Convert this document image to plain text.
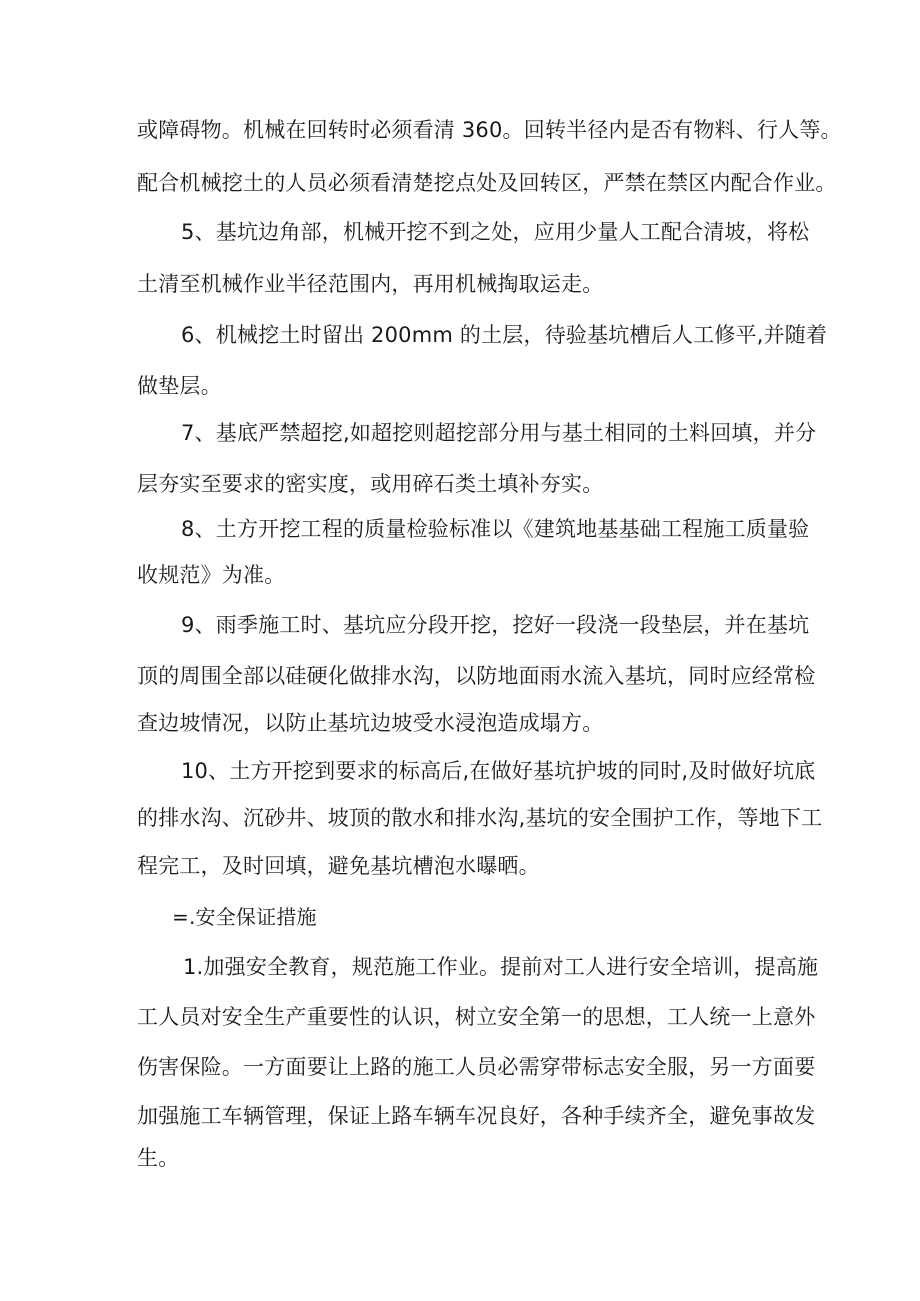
或障碍物。机械在回转时必须看清 360。回转半径内是否有物料、行人等。
配合机械挖土的人员必须看清楚挖点处及回转区，严禁在禁区内配合作业。
5、基坑边角部，机械开挖不到之处，应用少量人工配合清坡，将松
土清至机械作业半径范围内，再用机械掏取运走。
6、机械挖土时留出 200mm 的土层，待验基坑槽后人工修平,并随着
做垫层。
7、基底严禁超挖,如超挖则超挖部分用与基土相同的土料回填，并分
层夯实至要求的密实度，或用碎石类土填补夯实。
8、土方开挖工程的质量检验标准以《建筑地基基础工程施工质量验
收规范》为准。
9、雨季施工时、基坑应分段开挖，挖好一段浇一段垫层，并在基坑
顶的周围全部以硅硬化做排水沟，以防地面雨水流入基坑，同时应经常检
查边坡情况，以防止基坑边坡受水浸泡造成塌方。
10、土方开挖到要求的标高后,在做好基坑护坡的同时,及时做好坑底
的排水沟、沉砂井、坡顶的散水和排水沟,基坑的安全围护工作，等地下工
程完工，及时回填，避免基坑槽泡水曝晒。
=.安全保证措施
1.加强安全教育，规范施工作业。提前对工人进行安全培训，提高施
工人员对安全生产重要性的认识，树立安全第一的思想，工人统一上意外
伤害保险。一方面要让上路的施工人员必需穿带标志安全服，另一方面要
加强施工车辆管理，保证上路车辆车况良好，各种手续齐全，避免事故发
生。
